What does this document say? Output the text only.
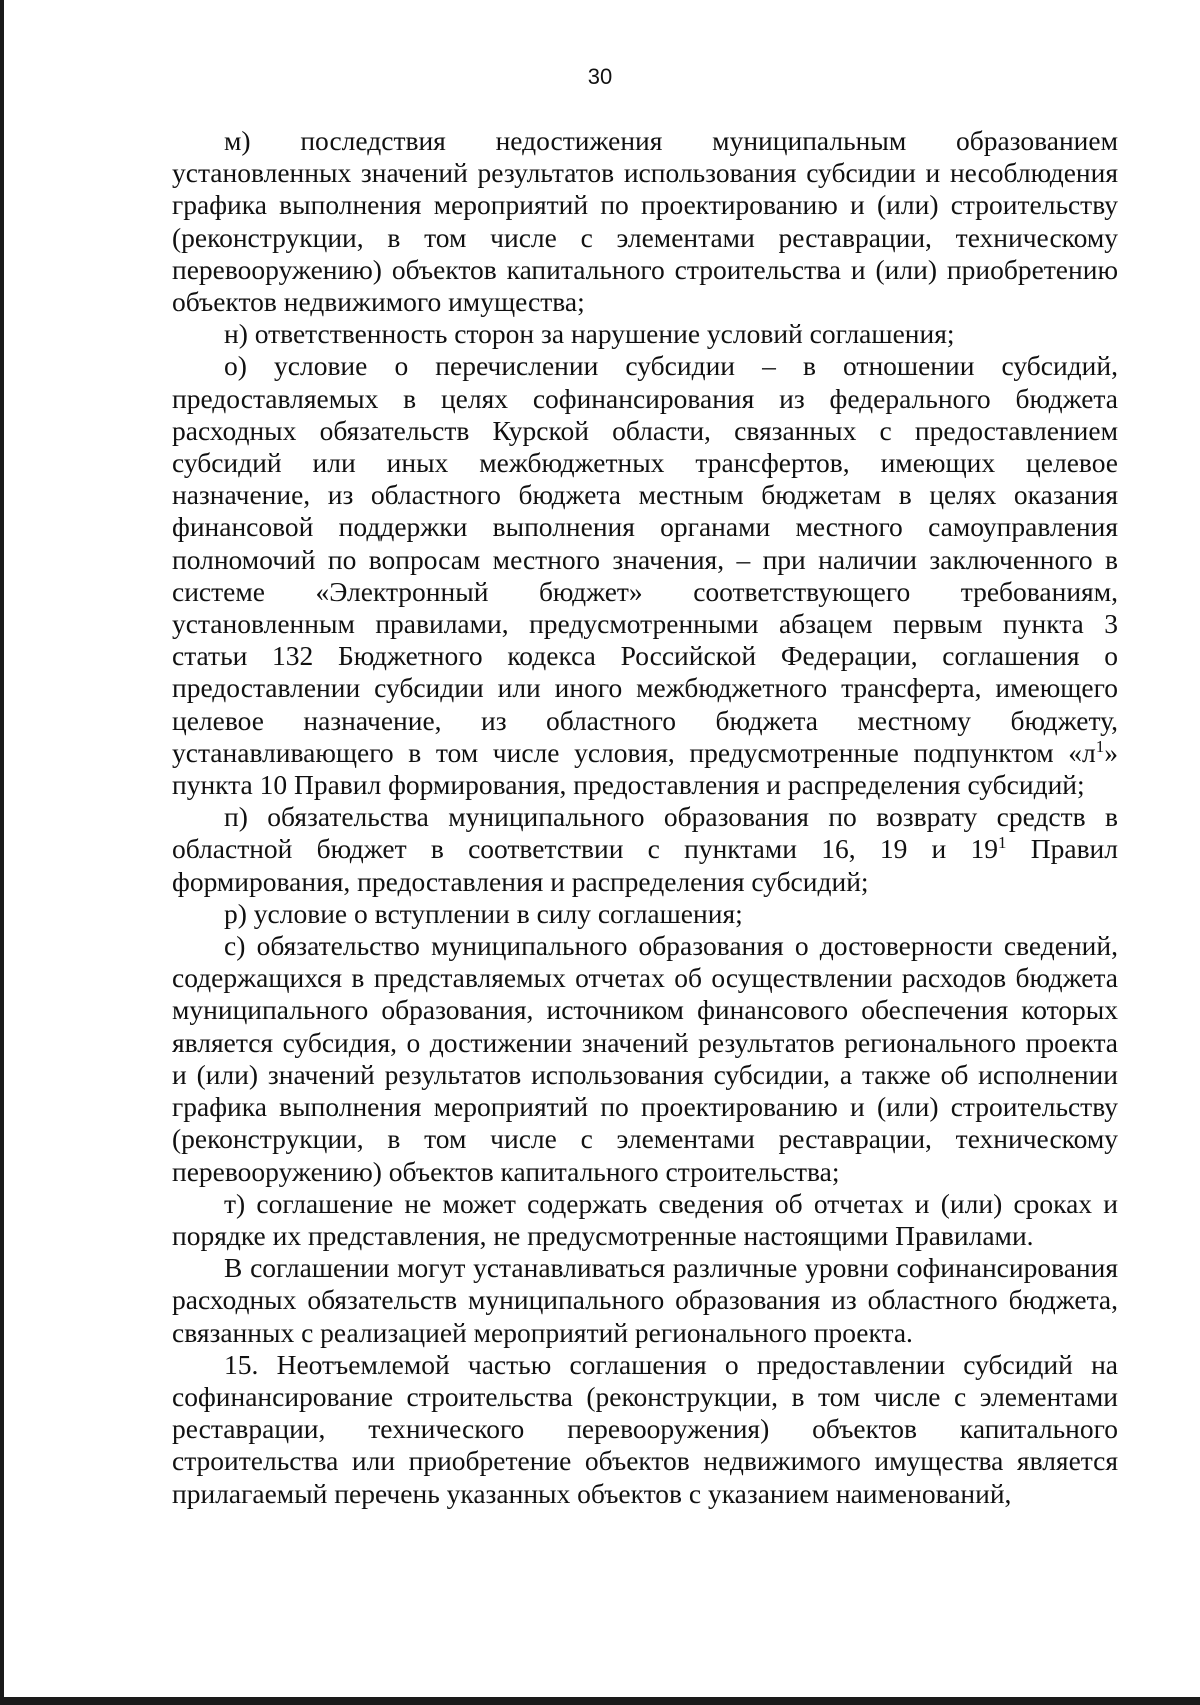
30

м) последствия недостижения муниципальным образованием установленных значений результатов использования субсидии и несоблюдения графика выполнения мероприятий по проектированию и (или) строительству (реконструкции, в том числе с элементами реставрации, техническому перевооружению) объектов капитального строительства и (или) приобретению объектов недвижимого имущества;

н) ответственность сторон за нарушение условий соглашения;

о) условие о перечислении субсидии – в отношении субсидий, предоставляемых в целях софинансирования из федерального бюджета расходных обязательств Курской области, связанных с предоставлением субсидий или иных межбюджетных трансфертов, имеющих целевое назначение, из областного бюджета местным бюджетам в целях оказания финансовой поддержки выполнения органами местного самоуправления полномочий по вопросам местного значения, – при наличии заключенного в системе «Электронный бюджет» соответствующего требованиям, установленным правилами, предусмотренными абзацем первым пункта 3 статьи 132 Бюджетного кодекса Российской Федерации, соглашения о предоставлении субсидии или иного межбюджетного трансферта, имеющего целевое назначение, из областного бюджета местному бюджету, устанавливающего в том числе условия, предусмотренные подпунктом «$л^1$» пункта 10 Правил формирования, предоставления и распределения субсидий;

п) обязательства муниципального образования по возврату средств в областной бюджет в соответствии с пунктами 16, 19 и $19^1$ Правил формирования, предоставления и распределения субсидий;

р) условие о вступлении в силу соглашения;

с) обязательство муниципального образования о достоверности сведений, содержащихся в представляемых отчетах об осуществлении расходов бюджета муниципального образования, источником финансового обеспечения которых является субсидия, о достижении значений результатов регионального проекта и (или) значений результатов использования субсидии, а также об исполнении графика выполнения мероприятий по проектированию и (или) строительству (реконструкции, в том числе с элементами реставрации, техническому перевооружению) объектов капитального строительства;

т) соглашение не может содержать сведения об отчетах и (или) сроках и порядке их представления, не предусмотренные настоящими Правилами.

В соглашении могут устанавливаться различные уровни софинансирования расходных обязательств муниципального образования из областного бюджета, связанных с реализацией мероприятий регионального проекта.

15. Неотъемлемой частью соглашения о предоставлении субсидий на софинансирование строительства (реконструкции, в том числе с элементами реставрации, технического перевооружения) объектов капитального строительства или приобретение объектов недвижимого имущества является прилагаемый перечень указанных объектов с указанием наименований,
